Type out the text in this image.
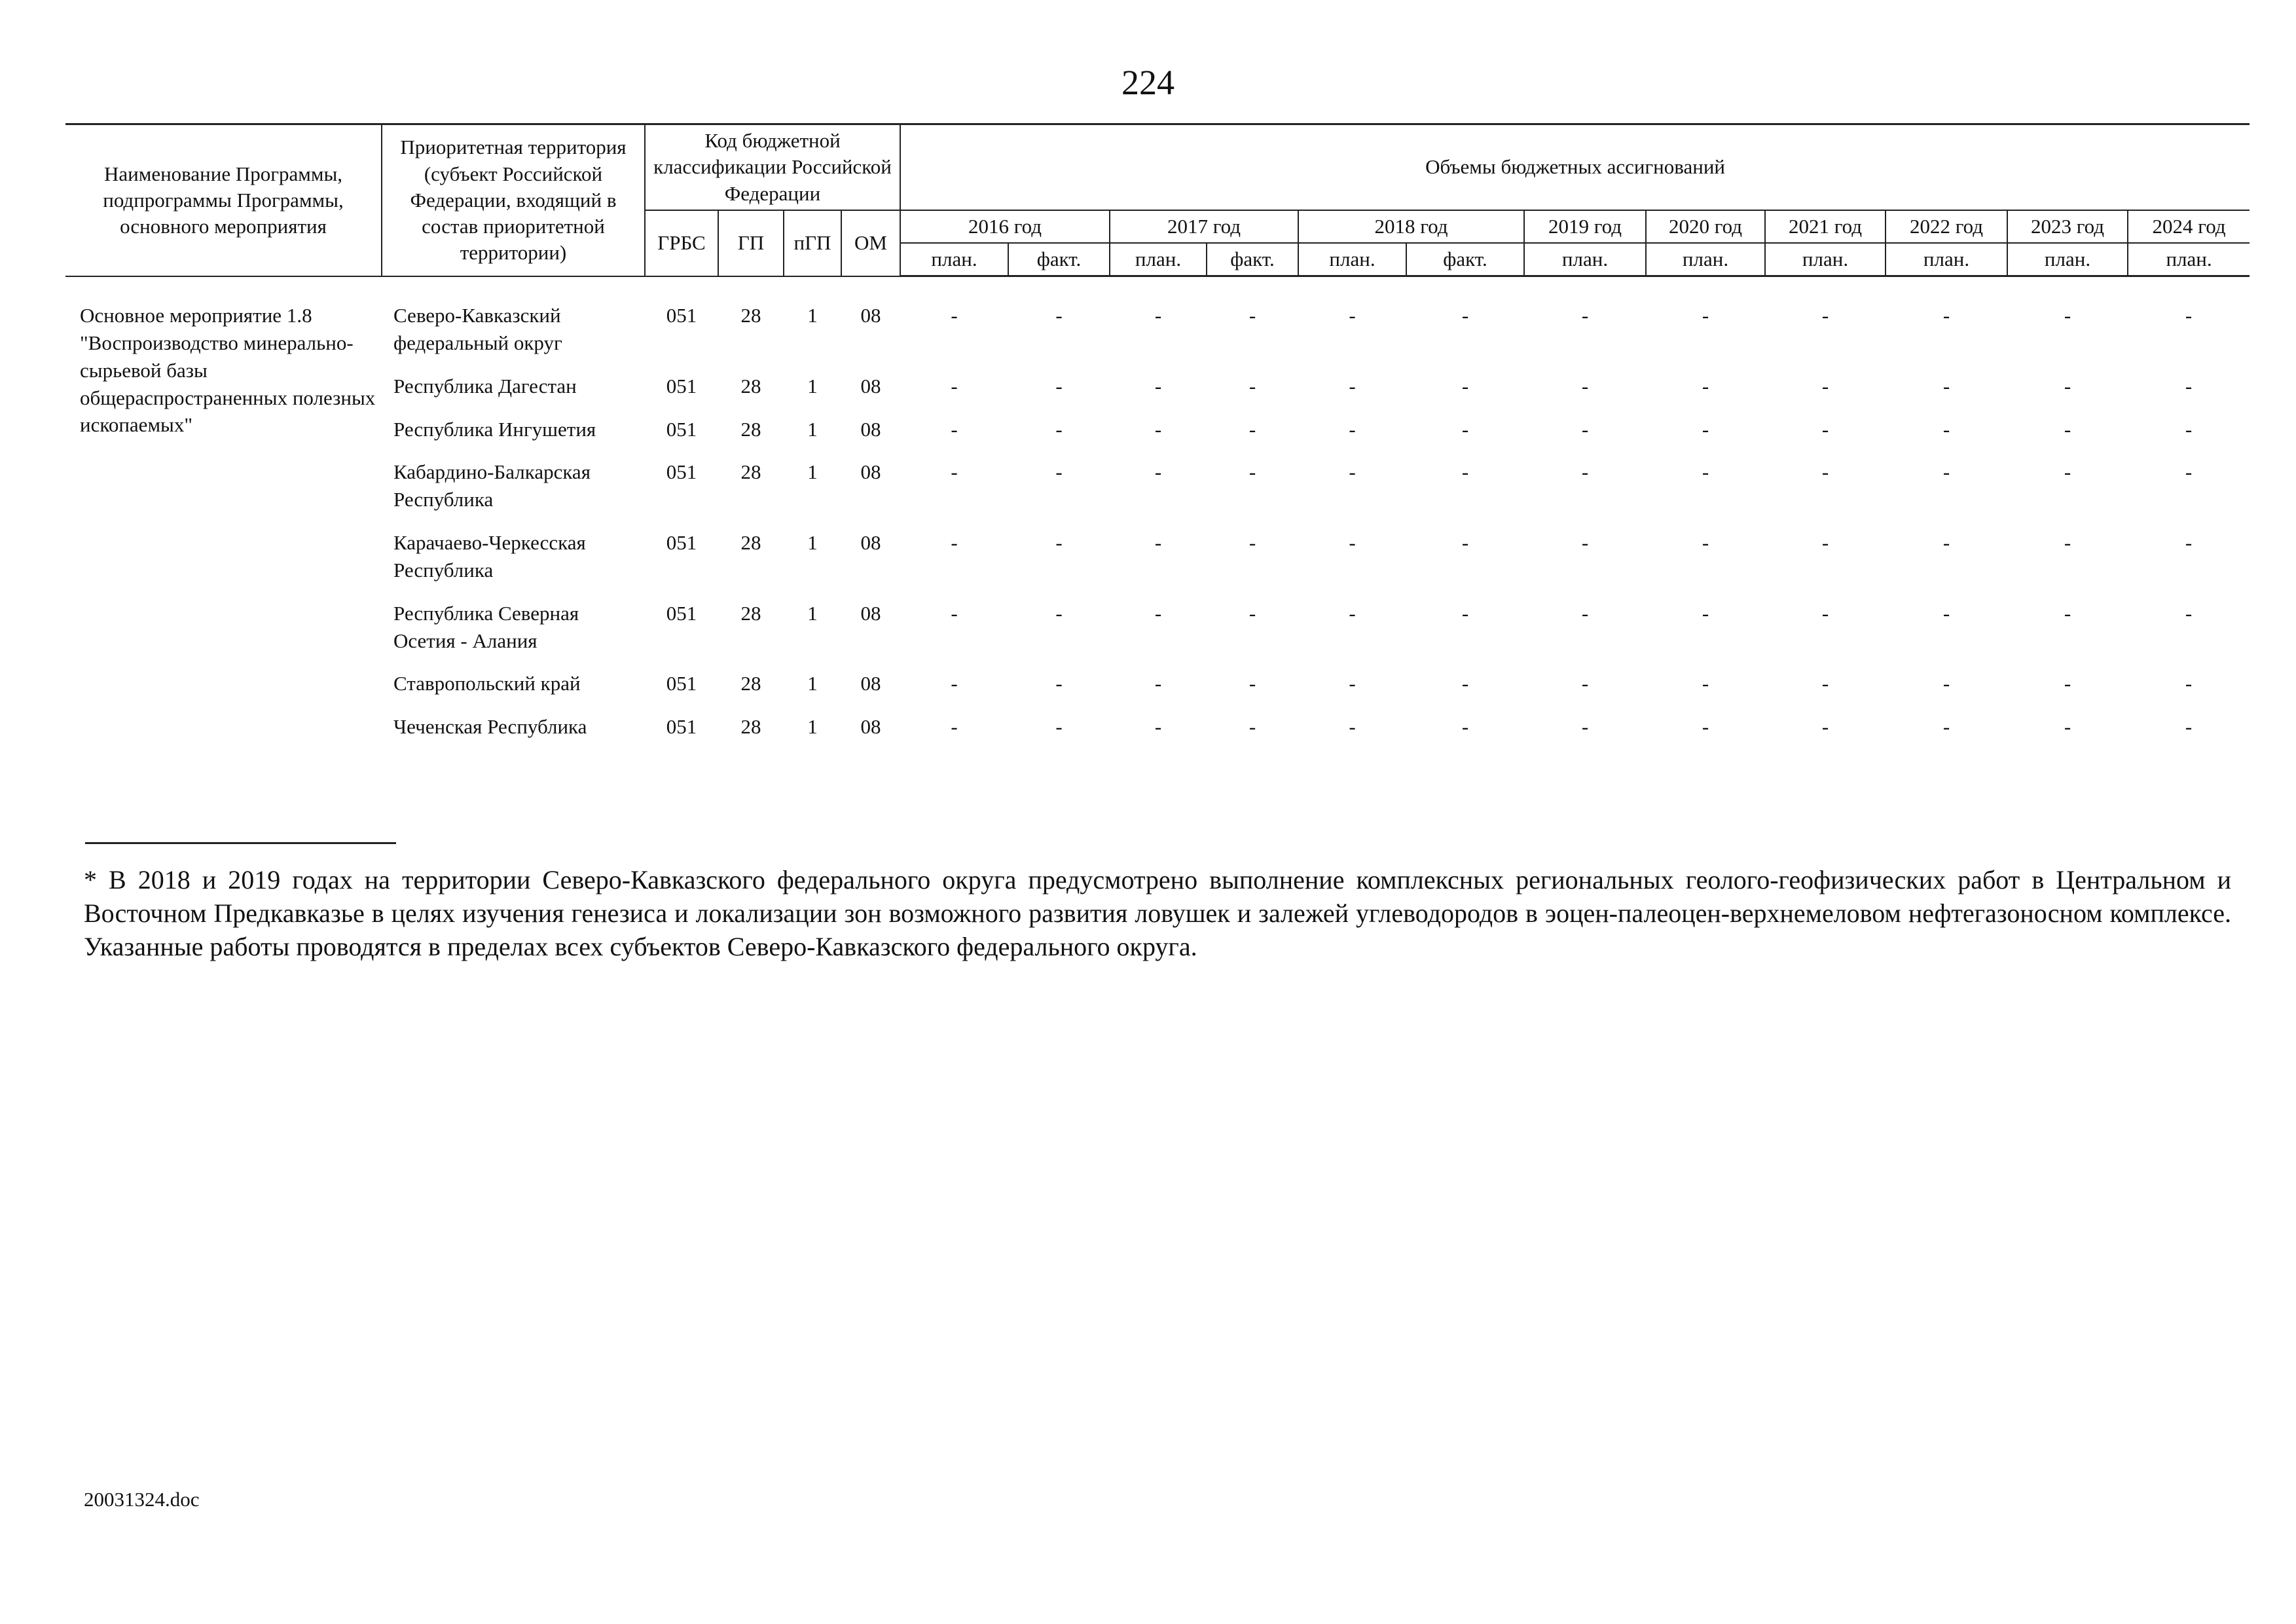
224
Наименование Программы, подпрограммы Программы, основного мероприятия	Приоритетная территория (субъект Российской Федерации, входящий в состав приоритетной территории)	Код бюджетной классификации Российской Федерации				Объемы бюджетных ассигнований											
		ГРБС	ГП	пГП	ОМ	2016 год		2017 год		2018 год		2019 год	2020 год	2021 год	2022 год	2023 год	2024 год
						план.	факт.	план.	факт.	план.	факт.	план.	план.	план.	план.	план.	план.
Основное мероприятие 1.8 "Воспроизводство минерально-сырьевой базы общераспространенных полезных ископаемых"	Северо-Кавказский федеральный округ	051	28	1	08	-	-	-	-	-	-	-	-	-	-	-	-
	Республика Дагестан	051	28	1	08	-	-	-	-	-	-	-	-	-	-	-	-
	Республика Ингушетия	051	28	1	08	-	-	-	-	-	-	-	-	-	-	-	-
	Кабардино-Балкарская Республика	051	28	1	08	-	-	-	-	-	-	-	-	-	-	-	-
	Карачаево-Черкесская Республика	051	28	1	08	-	-	-	-	-	-	-	-	-	-	-	-
	Республика Северная Осетия - Алания	051	28	1	08	-	-	-	-	-	-	-	-	-	-	-	-
	Ставропольский край	051	28	1	08	-	-	-	-	-	-	-	-	-	-	-	-
	Чеченская Республика	051	28	1	08	-	-	-	-	-	-	-	-	-	-	-	-
* В 2018 и 2019 годах на территории Северо-Кавказского федерального округа предусмотрено выполнение комплексных региональных геолого-геофизических работ в Центральном и Восточном Предкавказье в целях изучения генезиса и локализации зон возможного развития ловушек и залежей углеводородов в эоцен-палеоцен-верхнемеловом нефтегазоносном комплексе. Указанные работы проводятся в пределах всех субъектов Северо-Кавказского федерального округа.
20031324.doc
